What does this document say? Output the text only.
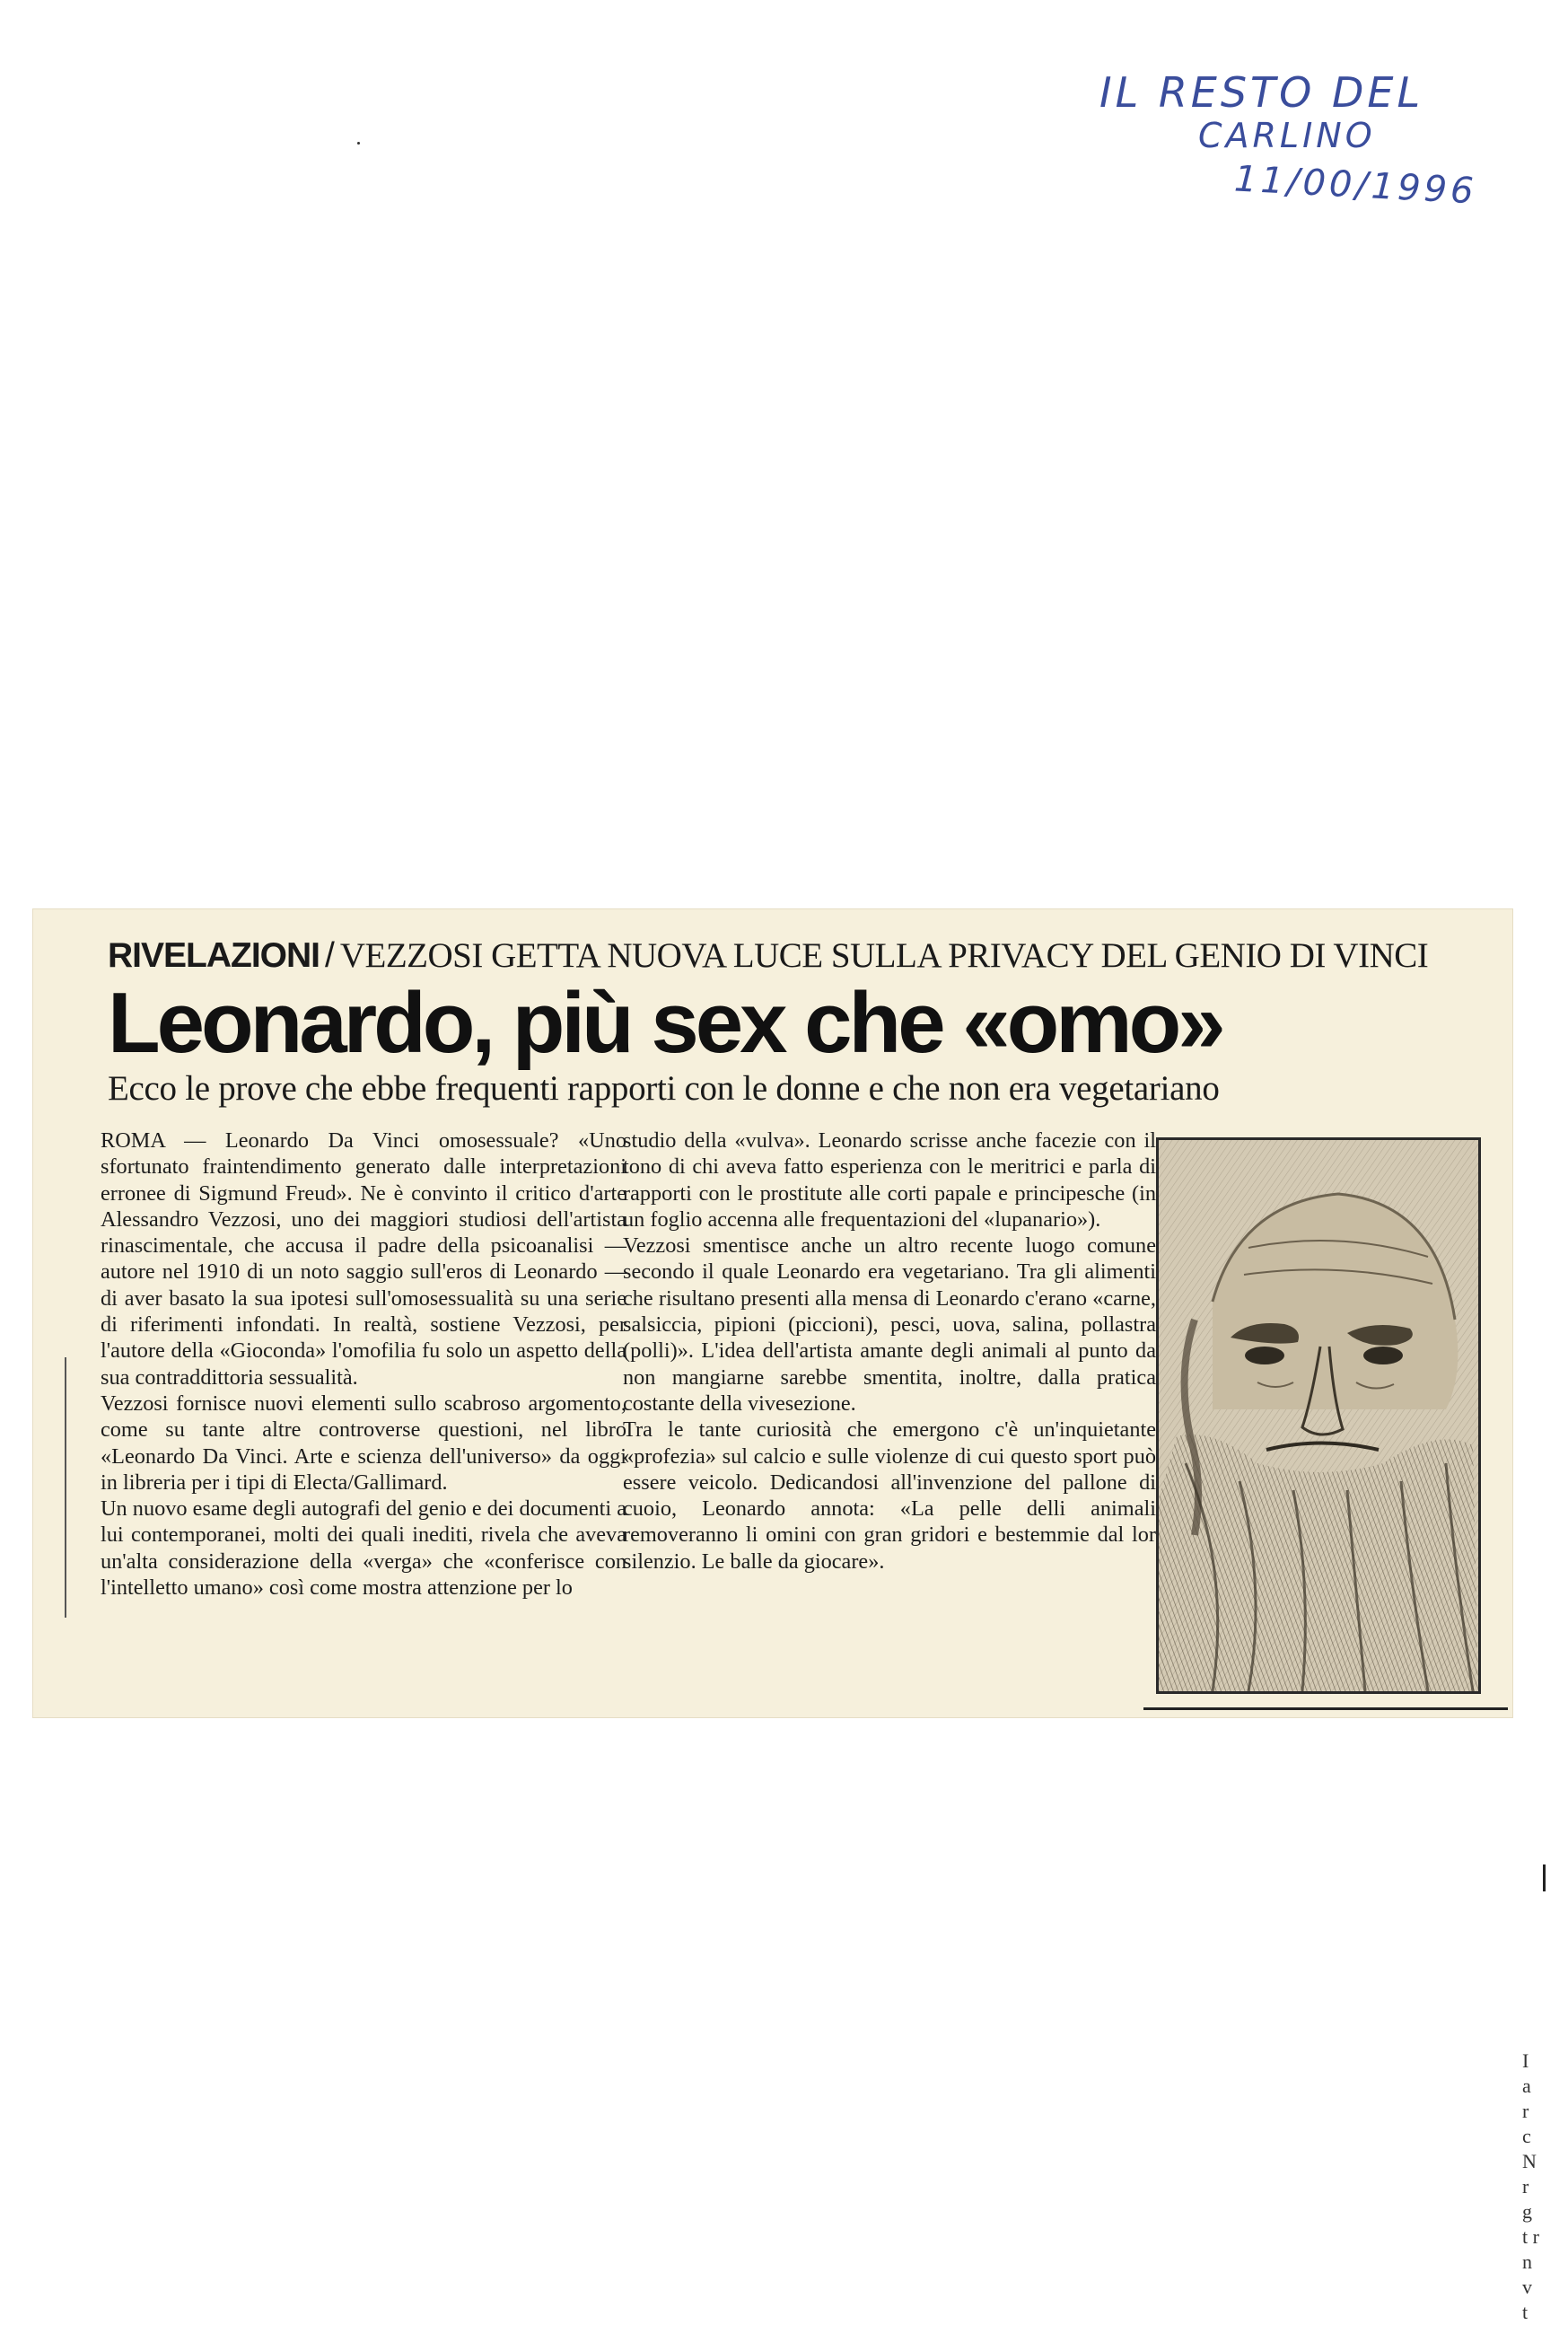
IL RESTO DEL
CARLINO
11/00/1996
RIVELAZIONI / VEZZOSI GETTA NUOVA LUCE SULLA PRIVACY DEL GENIO DI VINCI
Leonardo, più sex che «omo»
Ecco le prove che ebbe frequenti rapporti con le donne e che non era vegetariano

ROMA — Leonardo Da Vinci omosessuale? «Uno sfortunato fraintendimento generato dalle interpretazioni erronee di Sigmund Freud». Ne è convinto il critico d'arte Alessandro Vezzosi, uno dei maggiori studiosi dell'artista rinascimentale, che accusa il padre della psicoanalisi — autore nel 1910 di un noto saggio sull'eros di Leonardo — di aver basato la sua ipotesi sull'omosessualità su una serie di riferimenti infondati. In realtà, sostiene Vezzosi, per l'autore della «Gioconda» l'omofilia fu solo un aspetto della sua contraddittoria sessualità.

Vezzosi fornisce nuovi elementi sullo scabroso argomento, come su tante altre controverse questioni, nel libro «Leonardo Da Vinci. Arte e scienza dell'universo» da oggi in libreria per i tipi di Electa/Gallimard.

Un nuovo esame degli autografi del genio e dei documenti a lui contemporanei, molti dei quali inediti, rivela che aveva un'alta considerazione della «verga» che «conferisce con l'intelletto umano» così come mostra attenzione per lo

studio della «vulva». Leonardo scrisse anche facezie con il tono di chi aveva fatto esperienza con le meritrici e parla di rapporti con le prostitute alle corti papale e principesche (in un foglio accenna alle frequentazioni del «lupanario»).

Vezzosi smentisce anche un altro recente luogo comune secondo il quale Leonardo era vegetariano. Tra gli alimenti che risultano presenti alla mensa di Leonardo c'erano «carne, salsiccia, pipioni (piccioni), pesci, uova, salina, pollastra (polli)». L'idea dell'artista amante degli animali al punto da non mangiarne sarebbe smentita, inoltre, dalla pratica costante della vivesezione.

Tra le tante curiosità che emergono c'è un'inquietante «profezia» sul calcio e sulle violenze di cui questo sport può essere veicolo. Dedicandosi all'invenzione del pallone di cuoio, Leonardo annota: «La pelle delli animali removeranno li omini con gran gridori e bestemmie dal lor silenzio. Le balle da giocare».

I a r c N r g t r n v t
